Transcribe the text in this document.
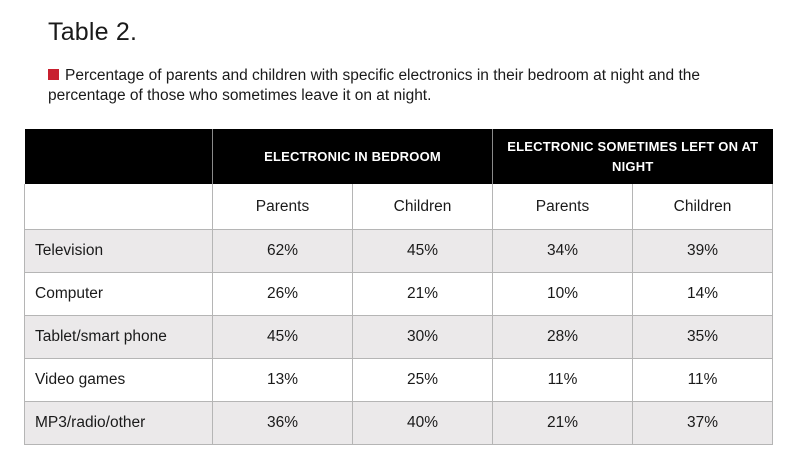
Table 2.
Percentage of parents and children with specific electronics in their bedroom at night and the percentage of those who sometimes leave it on at night.
	ELECTRONIC IN BEDROOM		ELECTRONIC SOMETIMES LEFT ON AT NIGHT	
	Parents	Children	Parents	Children
Television	62%	45%	34%	39%
Computer	26%	21%	10%	14%
Tablet/smart phone	45%	30%	28%	35%
Video games	13%	25%	11%	11%
MP3/radio/other	36%	40%	21%	37%
